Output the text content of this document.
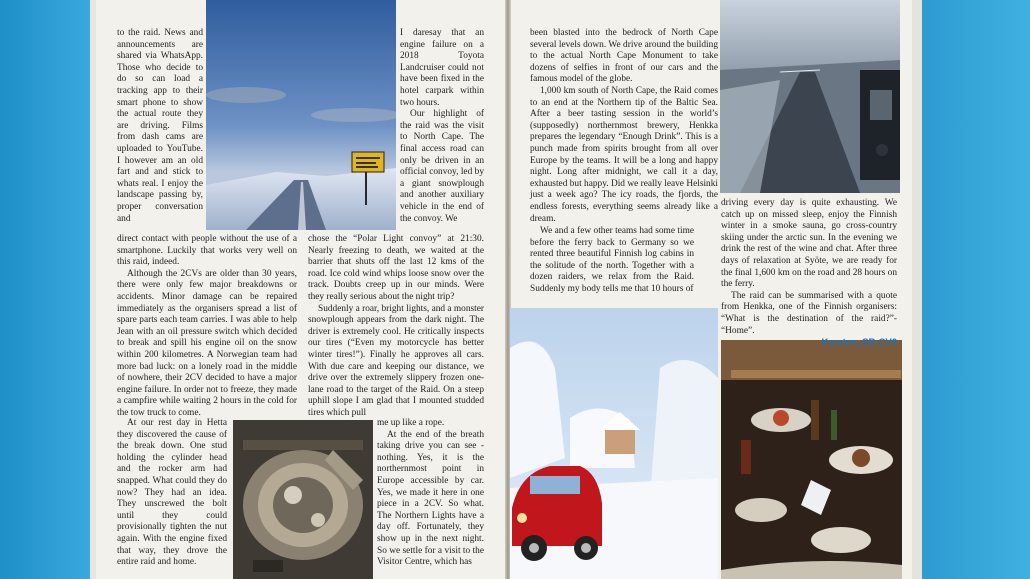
to the raid. News and announcements are shared via WhatsApp. Those who decide to do so can load a tracking app to their smart phone to show the actual route they are driving. Films from dash cams are uploaded to YouTube. I however am an old fart and and stick to whats real. I enjoy the landscape passing by, proper conversation and

direct contact with people without the use of a smartphone. Luckily that works very well on this raid, indeed.

Although the 2CVs are older than 30 years, there were only few major breakdowns or accidents. Minor damage can be repaired immediately as the organisers spread a list of spare parts each team carries. I was able to help Jean with an oil pressure switch which decided to break and spill his engine oil on the snow within 200 kilometres. A Norwegian team had more bad luck: on a lonely road in the middle of nowhere, their 2CV decided to have a major engine failure. In order not to freeze, they made a campfire while waiting 2 hours in the cold for the tow truck to come.

At our rest day in Hetta they discovered the cause of the break down. One stud holding the cylinder head and the rocker arm had snapped. What could they do now? They had an idea. They unscrewed the bolt until they could provisionally tighten the nut again. With the engine fixed that way, they drove the entire raid and home.

I daresay that an engine failure on a 2018 Toyota Landcruiser could not have been fixed in the hotel carpark within two hours.

Our highlight of the raid was the visit to North Cape. The final access road can only be driven in an official convoy, led by a giant snowplough and another auxiliary vehicle in the end of the convoy. We

chose the “Polar Light convoy” at 21:30. Nearly freezing to death, we waited at the barrier that shuts off the last 12 kms of the road. Ice cold wind whips loose snow over the track. Doubts creep up in our minds. Were they really serious about the night trip?

Suddenly a roar, bright lights, and a monster snowplough appears from the dark night. The driver is extremely cool. He critically inspects our tires (“Even my motorcycle has better winter tires!”). Finally he approves all cars. With due care and keeping our distance, we drive over the extremely slippery frozen one-lane road to the target of the Raid. On a steep uphill slope I am glad that I mounted studded tires which pull

me up like a rope.

At the end of the breath taking drive you can see - nothing. Yes, it is the northernmost point in Europe accessible by car. Yes, we made it here in one piece in a 2CV. So what. The Northern Lights have a day off. Fortunately, they show up in the next night. So we settle for a visit to the Visitor Centre, which has

been blasted into the bedrock of North Cape several levels down. We drive around the building to the actual North Cape Monument to take dozens of selfies in front of our cars and the famous model of the globe.

1,000 km south of North Cape, the Raid comes to an end at the Northern tip of the Baltic Sea. After a beer tasting session in the world’s (supposedly) northernmost brewery, Henkka prepares the legendary “Enough Drink”. This is a punch made from spirits brought from all over Europe by the teams. It will be a long and happy night. Long after midnight, we call it a day, exhausted but happy. Did we really leave Helsinki just a week ago? The icy roads, the fjords, the endless forests, everything seems already like a dream.

We and a few other teams had some time before the ferry back to Germany so we rented three beautiful Finnish log cabins in the solitude of the north. Together with a dozen raiders, we relax from the Raid. Suddenly my body tells me that 10 hours of

driving every day is quite exhausting. We catch up on missed sleep, enjoy the Finnish winter in a smoke sauna, go cross-country skiing under the arctic sun. In the evening we drink the rest of the wine and chat. After three days of relaxation at Syöte, we are ready for the final 1,600 km on the road and 28 hours on the ferry.

The raid can be summarised with a quote from Henkka, one of the Finnish organisers: “What is the destination of the raid?”- “Home”.

Karsten, SB-CV6
